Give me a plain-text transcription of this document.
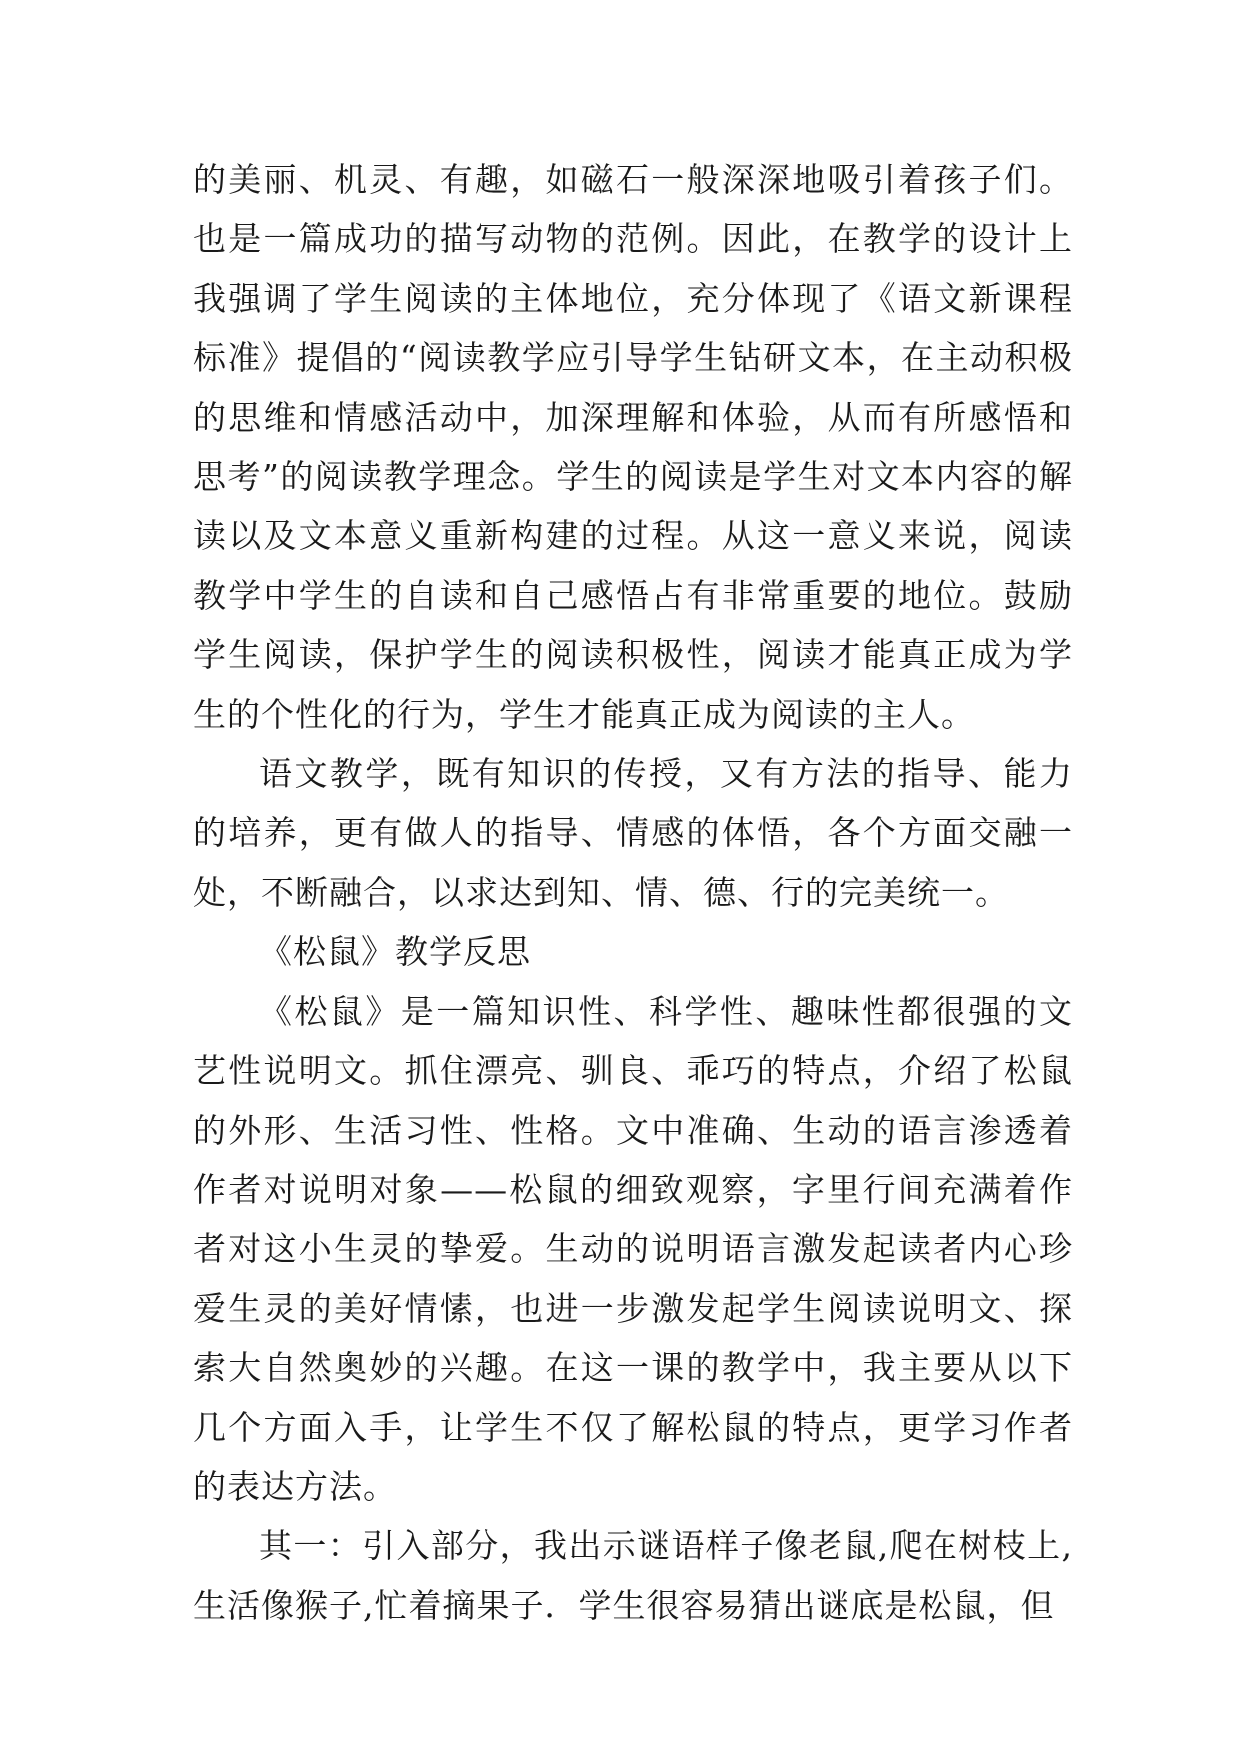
的美丽、机灵、有趣，如磁石一般深深地吸引着孩子们。也是一篇成功的描写动物的范例。因此，在教学的设计上我强调了学生阅读的主体地位，充分体现了《语文新课程标准》提倡的“阅读教学应引导学生钻研文本，在主动积极的思维和情感活动中，加深理解和体验，从而有所感悟和思考”的阅读教学理念。学生的阅读是学生对文本内容的解读以及文本意义重新构建的过程。从这一意义来说，阅读教学中学生的自读和自己感悟占有非常重要的地位。鼓励学生阅读，保护学生的阅读积极性，阅读才能真正成为学生的个性化的行为，学生才能真正成为阅读的主人。

语文教学，既有知识的传授，又有方法的指导、能力的培养，更有做人的指导、情感的体悟，各个方面交融一处，不断融合，以求达到知、情、德、行的完美统一。

《松鼠》教学反思

《松鼠》是一篇知识性、科学性、趣味性都很强的文艺性说明文。抓住漂亮、驯良、乖巧的特点，介绍了松鼠的外形、生活习性、性格。文中准确、生动的语言渗透着作者对说明对象——松鼠的细致观察，字里行间充满着作者对这小生灵的挚爱。生动的说明语言激发起读者内心珍爱生灵的美好情愫，也进一步激发起学生阅读说明文、探索大自然奥妙的兴趣。在这一课的教学中，我主要从以下几个方面入手，让学生不仅了解松鼠的特点，更学习作者的表达方法。

其一：引入部分，我出示谜语样子像老鼠,爬在树枝上,生活像猴子,忙着摘果子．学生很容易猜出谜底是松鼠，但
